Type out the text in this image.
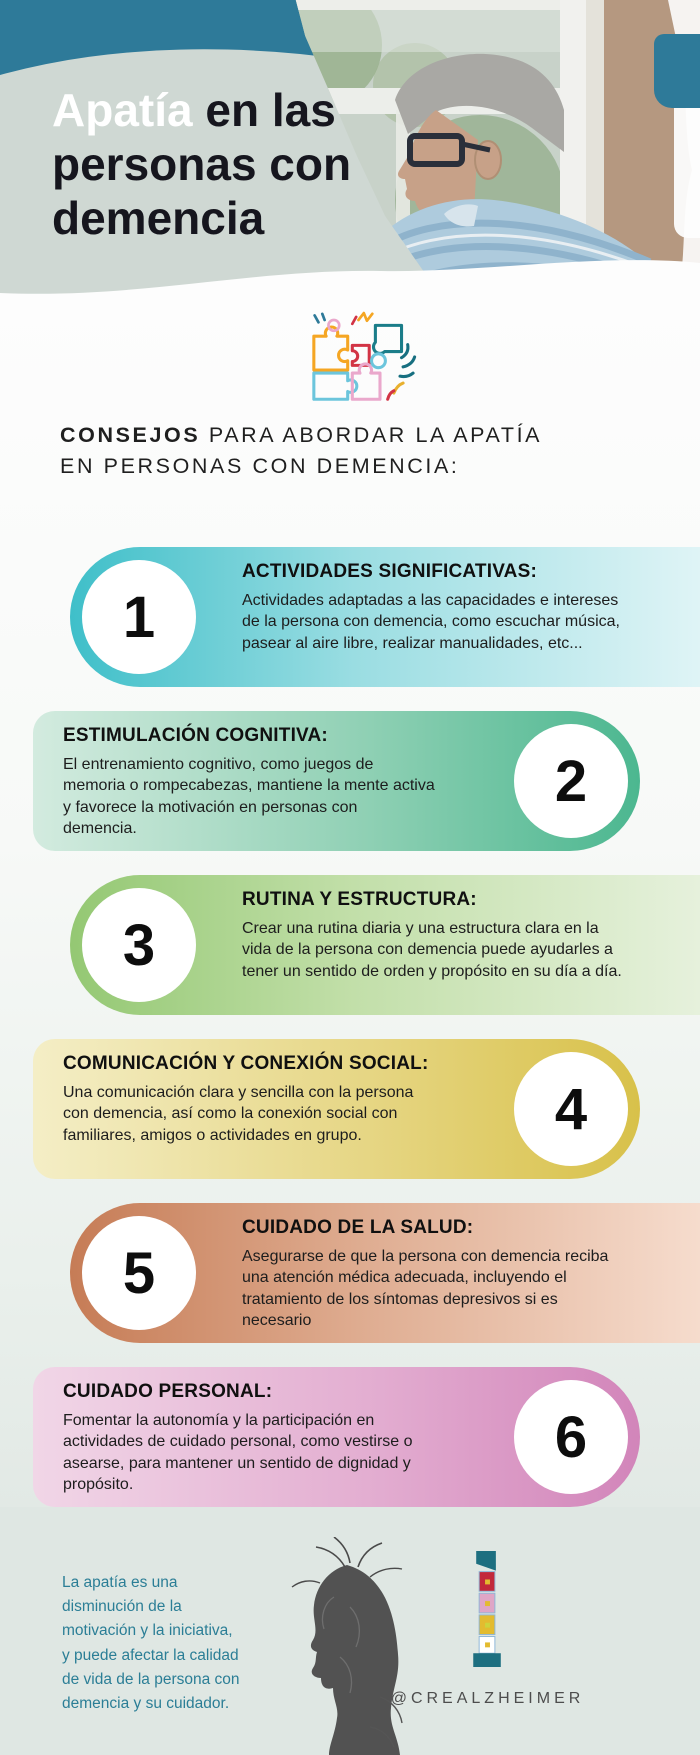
Apatía en las
personas con
demencia
CONSEJOS PARA ABORDAR LA APATÍA
EN PERSONAS CON DEMENCIA:
1
ACTIVIDADES SIGNIFICATIVAS:

Actividades adaptadas a las capacidades e intereses de la persona con demencia, como escuchar música, pasear al aire libre, realizar manualidades, etc...

2
ESTIMULACIÓN COGNITIVA:

El entrenamiento cognitivo, como juegos de memoria o rompecabezas, mantiene la mente activa y favorece la motivación en personas con demencia.

3
RUTINA Y ESTRUCTURA:

Crear una rutina diaria y una estructura clara en la vida de la persona con demencia puede ayudarles a tener un sentido de orden y propósito en su día a día.

4
COMUNICACIÓN Y CONEXIÓN SOCIAL:

Una comunicación clara y sencilla con la persona con demencia, así como la conexión social con familiares, amigos o actividades en grupo.

5
CUIDADO DE LA SALUD:

Asegurarse de que la persona con demencia reciba una atención médica adecuada, incluyendo el tratamiento de los síntomas depresivos si es necesario

6
CUIDADO PERSONAL:

Fomentar la autonomía y la participación en actividades de cuidado personal, como vestirse o asearse, para mantener un sentido de dignidad y propósito.

La apatía es una
disminución de la
motivación y la iniciativa,
y puede afectar la calidad
de vida de la persona con
demencia y su cuidador.	@CREALZHEIMER
